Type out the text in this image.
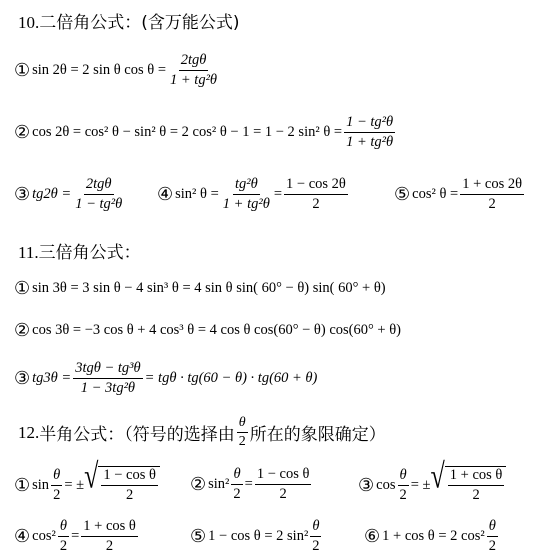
10.二倍角公式：(含万能公式)
① sin 2θ = 2 sin θ $\cos \theta = \frac{\text{2tgθ}}{\text{1 + tg²θ}}$
② cos 2θ = cos² θ − sin² θ = 2 cos² θ − 1 = 1 − 2 sin² $\theta = \frac{\text{1 − tg²θ}}{\text{1 + tg²θ}}$
③ $tg2\theta = \frac{\text{2tgθ}}{\text{1 − tg²θ}}$ ④ sin² $\theta = \frac{\text{tg²θ}}{\text{1 + tg²θ}} = \frac{1 - \cos 2\theta}{2}$	⑤ cos² $\theta = \frac{1 + \cos 2\theta}{2}$
11.三倍角公式：
① sin 3θ = 3 sin θ − 4 sin³ θ = 4 sin θ sin( 60° − θ) sin( 60° + θ)
② cos 3θ = −3 cos θ + 4 cos³ θ = 4 cos θ cos(60° − θ) cos(60° + θ)
③ $tg3\theta = \frac{\text{3tgθ − tg³θ}}{\text{1 − 3tg²θ}} = tg\theta \cdot tg(60 - \theta) \cdot tg(60 + \theta)$
12. 半角公式：（符号的选择由 $\frac{\theta}{2}$ 所在的象限确定）
① $\sin \frac{\theta}{2}$ = ± √ $\frac{\text{1 − cos θ}}{2}$ ② $\sin^2 \frac{\theta}{2} = \frac{\text{1 − cos θ}}{2}$	③ $\cos \frac{\theta}{2}$ = ± √ $\frac{\text{1 + cos θ}}{2}$
④ $\cos^2 \frac{\theta}{2} = \frac{\text{1 + cos θ}}{2}$	⑤ 1 − cos θ = 2 $\sin^2 \frac{\theta}{2}$ ⑥ 1 + cos θ = 2 $\cos^2 \frac{\theta}{2}$
